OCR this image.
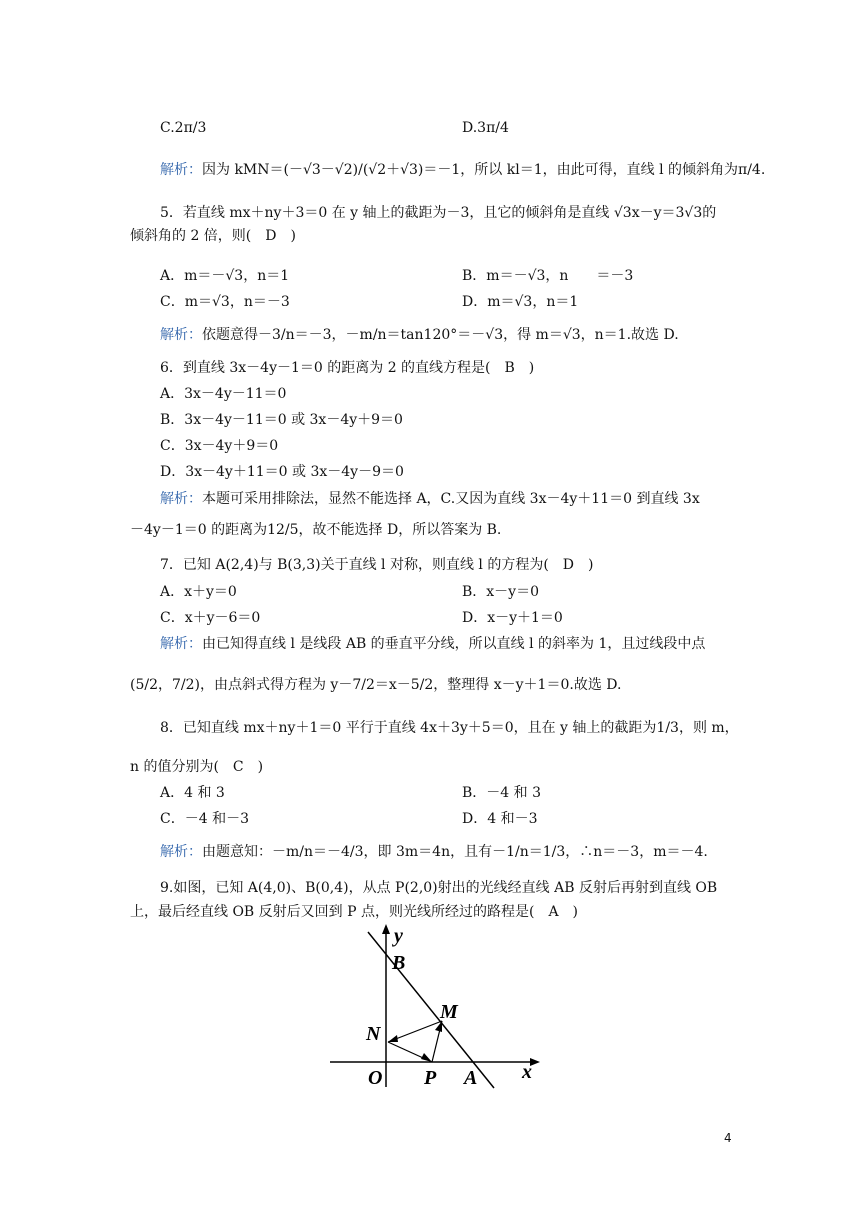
C.2π/3	D.3π/4
解析：因为 kMN＝(－√3－√2)/(√2＋√3)＝－1，所以 kl＝1，由此可得，直线 l 的倾斜角为π/4.
5．若直线 mx＋ny＋3＝0 在 y 轴上的截距为－3，且它的倾斜角是直线 √3x－y＝3√3的
倾斜角的 2 倍，则(　D　)
A．m＝－√3，n＝1	B．m＝－√3，n　　＝－3
C．m＝√3，n＝－3	D．m＝√3，n＝1
解析：依题意得－3/n＝－3，－m/n＝tan120°＝－√3，得 m＝√3，n＝1.故选 D.
6．到直线 3x－4y－1＝0 的距离为 2 的直线方程是(　B　)
A．3x－4y－11＝0
B．3x－4y－11＝0 或 3x－4y＋9＝0
C．3x－4y＋9＝0
D．3x－4y＋11＝0 或 3x－4y－9＝0
解析：本题可采用排除法，显然不能选择 A，C.又因为直线 3x－4y＋11＝0 到直线 3x
－4y－1＝0 的距离为12/5，故不能选择 D，所以答案为 B.
7．已知 A(2,4)与 B(3,3)关于直线 l 对称，则直线 l 的方程为(　D　)
A．x＋y＝0	B．x－y＝0
C．x＋y－6＝0	D．x－y＋1＝0
解析：由已知得直线 l 是线段 AB 的垂直平分线，所以直线 l 的斜率为 1，且过线段中点
(5/2，7/2)，由点斜式得方程为 y－7/2＝x－5/2，整理得 x－y＋1＝0.故选 D.
8．已知直线 mx＋ny＋1＝0 平行于直线 4x＋3y＋5＝0，且在 y 轴上的截距为1/3，则 m，
n 的值分别为(　C　)
A．4 和 3	B．－4 和 3
C．－4 和－3	D．4 和－3
解析：由题意知：－m/n＝－4/3，即 3m＝4n，且有－1/n＝1/3，∴n＝－3，m＝－4.
9.如图，已知 A(4,0)、B(0,4)，从点 P(2,0)射出的光线经直线 AB 反射后再射到直线 OB
上，最后经直线 OB 反射后又回到 P 点，则光线所经过的路程是(　A　)
y
B
M
N
O P A x
4
